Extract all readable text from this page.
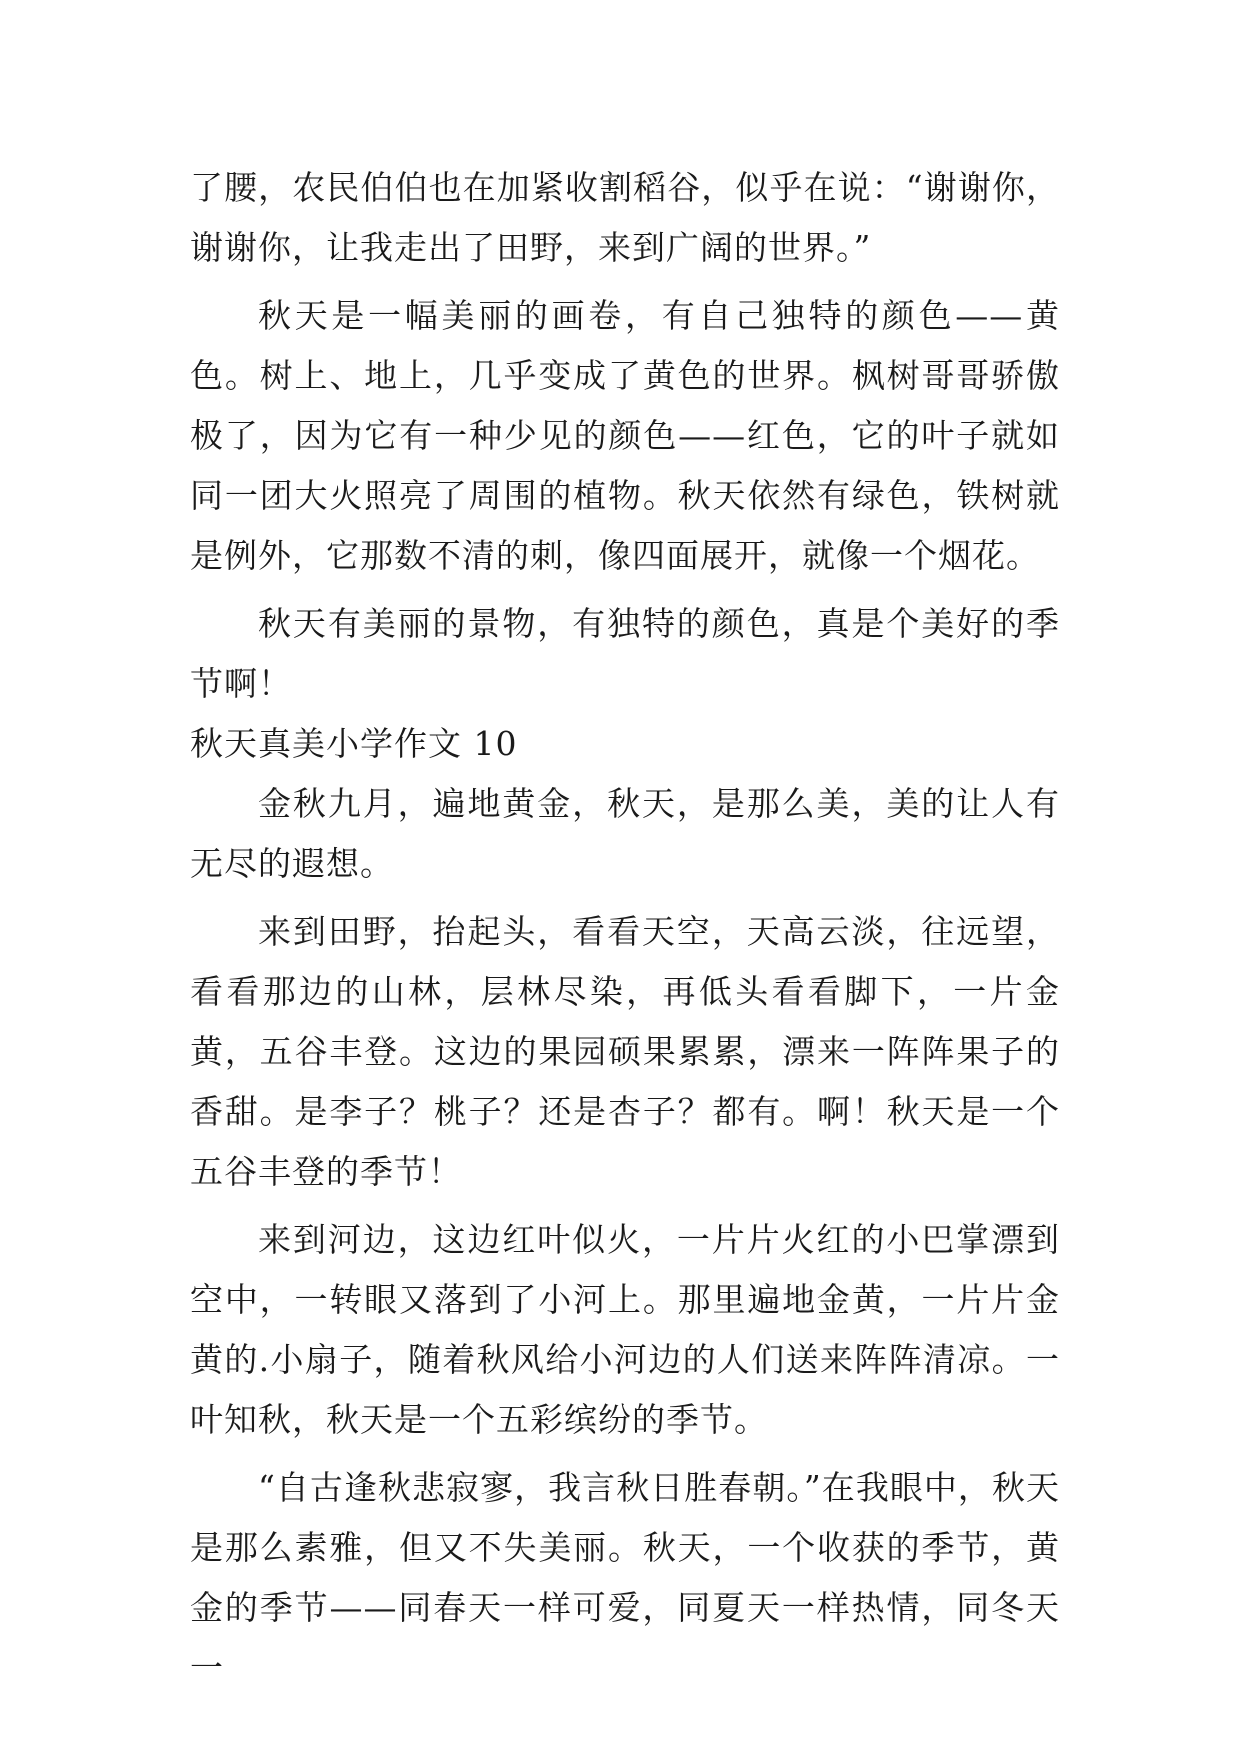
了腰，农民伯伯也在加紧收割稻谷，似乎在说：“谢谢你，谢谢你，让我走出了田野，来到广阔的世界。”

秋天是一幅美丽的画卷，有自己独特的颜色——黄色。树上、地上，几乎变成了黄色的世界。枫树哥哥骄傲极了，因为它有一种少见的颜色——红色，它的叶子就如同一团大火照亮了周围的植物。秋天依然有绿色，铁树就是例外，它那数不清的刺，像四面展开，就像一个烟花。

秋天有美丽的景物，有独特的颜色，真是个美好的季节啊！

秋天真美小学作文 10

金秋九月，遍地黄金，秋天，是那么美，美的让人有无尽的遐想。

来到田野，抬起头，看看天空，天高云淡，往远望，看看那边的山林，层林尽染，再低头看看脚下，一片金黄，五谷丰登。这边的果园硕果累累，漂来一阵阵果子的香甜。是李子？桃子？还是杏子？都有。啊！秋天是一个五谷丰登的季节！

来到河边，这边红叶似火，一片片火红的小巴掌漂到空中，一转眼又落到了小河上。那里遍地金黄，一片片金黄的.小扇子，随着秋风给小河边的人们送来阵阵清凉。一叶知秋，秋天是一个五彩缤纷的季节。

“自古逢秋悲寂寥，我言秋日胜春朝。”在我眼中，秋天是那么素雅，但又不失美丽。秋天，一个收获的季节，黄金的季节——同春天一样可爱，同夏天一样热情，同冬天一
